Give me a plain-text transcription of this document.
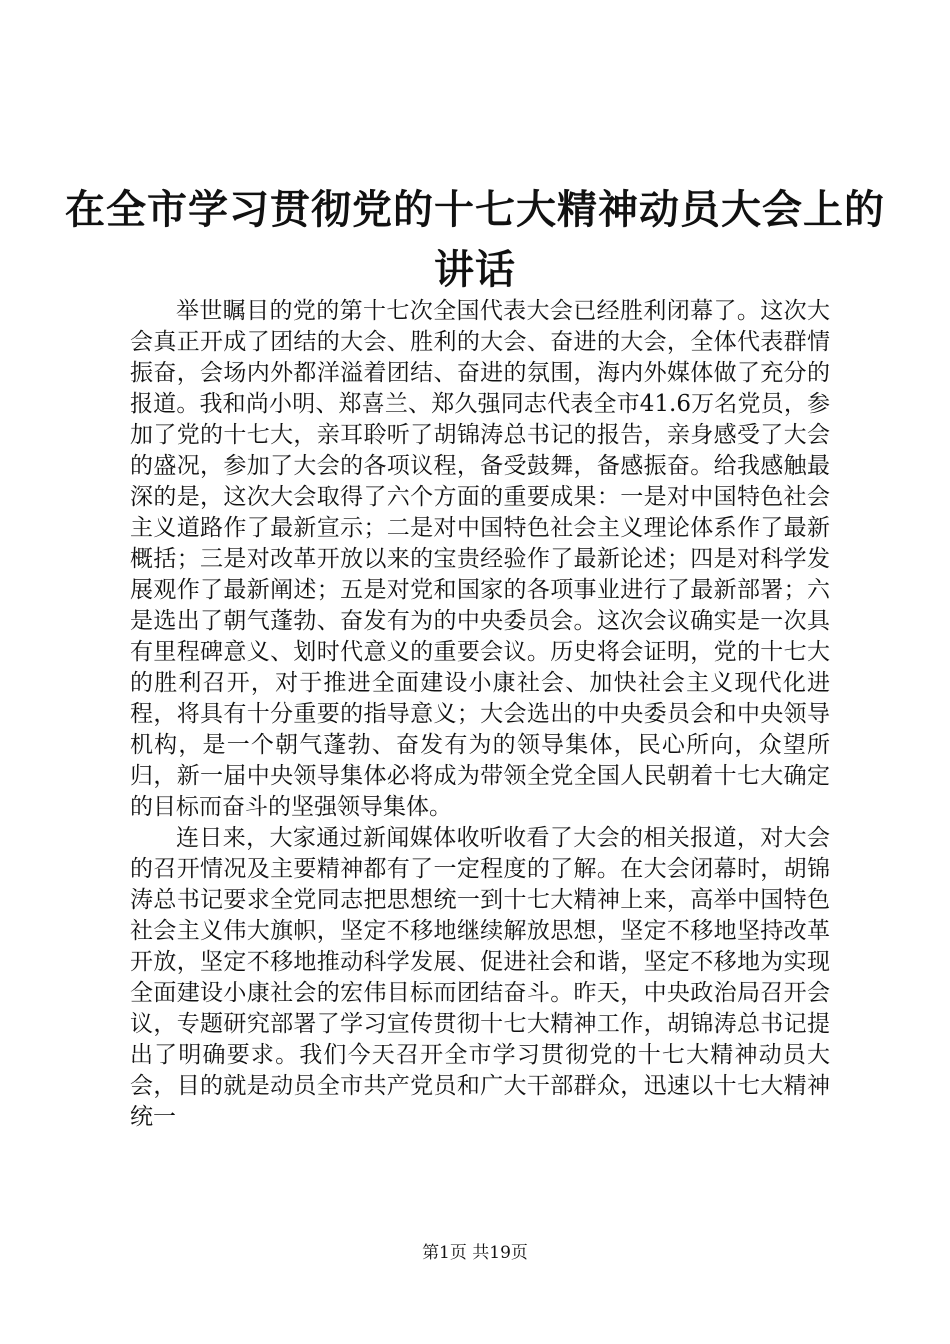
在全市学习贯彻党的十七大精神动员大会上的
讲话

举世瞩目的党的第十七次全国代表大会已经胜利闭幕了。这次大会真正开成了团结的大会、胜利的大会、奋进的大会，全体代表群情振奋，会场内外都洋溢着团结、奋进的氛围，海内外媒体做了充分的报道。我和尚小明、郑喜兰、郑久强同志代表全市41.6万名党员，参加了党的十七大，亲耳聆听了胡锦涛总书记的报告，亲身感受了大会的盛况，参加了大会的各项议程，备受鼓舞，备感振奋。给我感触最深的是，这次大会取得了六个方面的重要成果：一是对中国特色社会主义道路作了最新宣示；二是对中国特色社会主义理论体系作了最新概括；三是对改革开放以来的宝贵经验作了最新论述；四是对科学发展观作了最新阐述；五是对党和国家的各项事业进行了最新部署；六是选出了朝气蓬勃、奋发有为的中央委员会。这次会议确实是一次具有里程碑意义、划时代意义的重要会议。历史将会证明，党的十七大的胜利召开，对于推进全面建设小康社会、加快社会主义现代化进程，将具有十分重要的指导意义；大会选出的中央委员会和中央领导机构，是一个朝气蓬勃、奋发有为的领导集体，民心所向，众望所归，新一届中央领导集体必将成为带领全党全国人民朝着十七大确定的目标而奋斗的坚强领导集体。

连日来，大家通过新闻媒体收听收看了大会的相关报道，对大会的召开情况及主要精神都有了一定程度的了解。在大会闭幕时，胡锦涛总书记要求全党同志把思想统一到十七大精神上来，高举中国特色社会主义伟大旗帜，坚定不移地继续解放思想，坚定不移地坚持改革开放，坚定不移地推动科学发展、促进社会和谐，坚定不移地为实现全面建设小康社会的宏伟目标而团结奋斗。昨天，中央政治局召开会议，专题研究部署了学习宣传贯彻十七大精神工作，胡锦涛总书记提出了明确要求。我们今天召开全市学习贯彻党的十七大精神动员大会，目的就是动员全市共产党员和广大干部群众，迅速以十七大精神统一

第1页 共19页
